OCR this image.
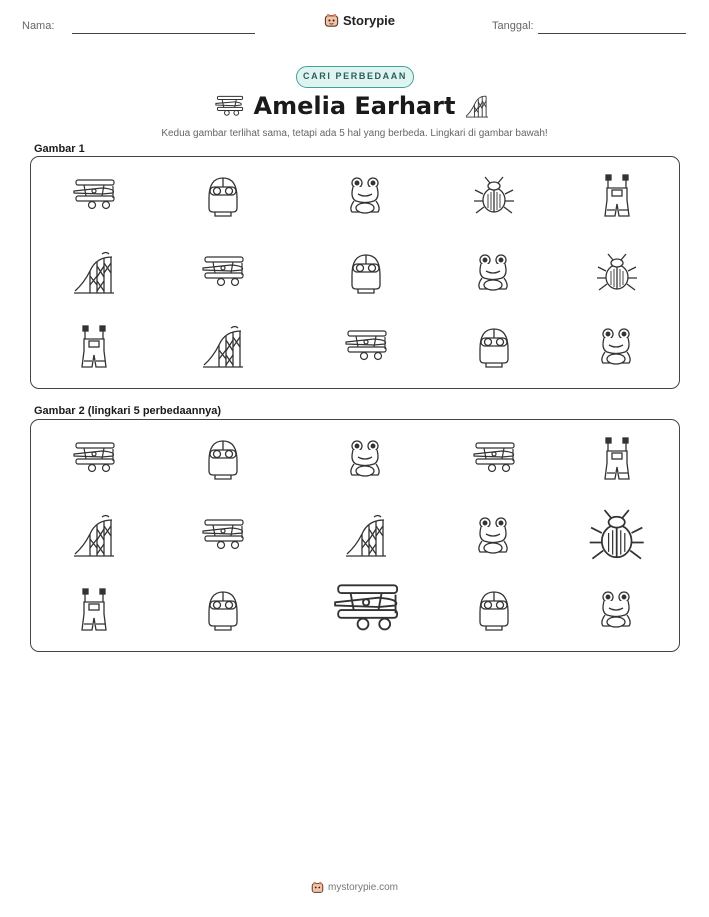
Nama:	Storypie	Tanggal:
CARI PERBEDAAN
Amelia Earhart
Kedua gambar terlihat sama, tetapi ada 5 hal yang berbeda. Lingkari di gambar bawah!
Gambar 1
Gambar 2 (lingkari 5 perbedaannya)
mystorypie.com
